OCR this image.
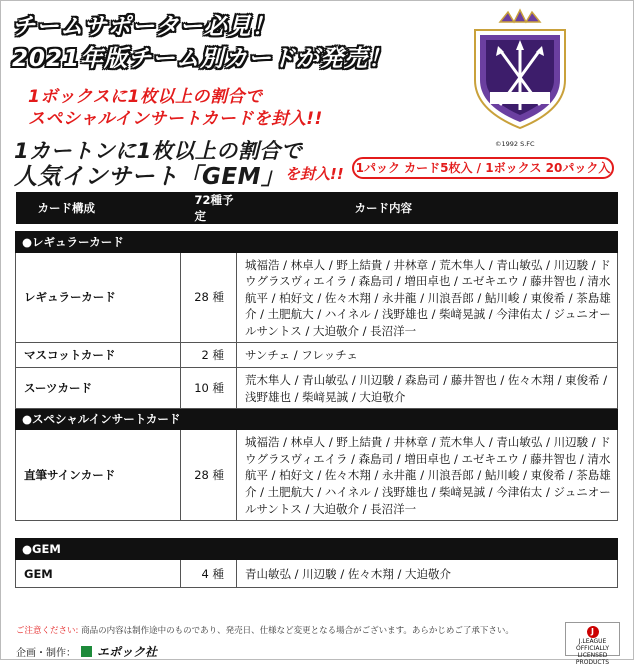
チームサポーター必見！
2021年版チーム別カードが発売！
1ボックスに1枚以上の割合で
スペシャルインサートカードを封入!!
1カートンに1枚以上の割合で
人気インサート「GEM」 を封入!! 1パック カード5枚入 / 1ボックス 20パック入
©1992 S.FC
カード構成	72種予定	カード内容

●レギュラーカード		
レギュラーカード	28 種	城福浩 / 林卓人 / 野上結貴 / 井林章 / 荒木隼人 / 青山敏弘 / 川辺駿 / ドウグラスヴィエイラ / 森島司 / 増田卓也 / エゼキエウ / 藤井智也 / 清水航平 / 柏好文 / 佐々木翔 / 永井龍 / 川浪吾郎 / 鮎川峻 / 東俊希 / 茶島雄介 / 土肥航大 / ハイネル / 浅野雄也 / 柴﨑晃誠 / 今津佑太 / ジュニオールサントス / 大迫敬介 / 長沼洋一
マスコットカード	2 種	サンチェ / フレッチェ
スーツカード	10 種	荒木隼人 / 青山敏弘 / 川辺駿 / 森島司 / 藤井智也 / 佐々木翔 / 東俊希 / 浅野雄也 / 柴﨑晃誠 / 大迫敬介
●スペシャルインサートカード		
直筆サインカード	28 種	城福浩 / 林卓人 / 野上結貴 / 井林章 / 荒木隼人 / 青山敏弘 / 川辺駿 / ドウグラスヴィエイラ / 森島司 / 増田卓也 / エゼキエウ / 藤井智也 / 清水航平 / 柏好文 / 佐々木翔 / 永井龍 / 川浪吾郎 / 鮎川峻 / 東俊希 / 茶島雄介 / 土肥航大 / ハイネル / 浅野雄也 / 柴﨑晃誠 / 今津佑太 / ジュニオールサントス / 大迫敬介 / 長沼洋一

●GEM		
GEM	4 種	青山敏弘 / 川辺駿 / 佐々木翔 / 大迫敬介
ご注意ください: 商品の内容は制作途中のものであり、発売日、仕様など変更となる場合がございます。あらかじめご了承下さい。
企画・制作： エポック社
J
J.LEAGUE OFFICIALLY LICENSED PRODUCTS
